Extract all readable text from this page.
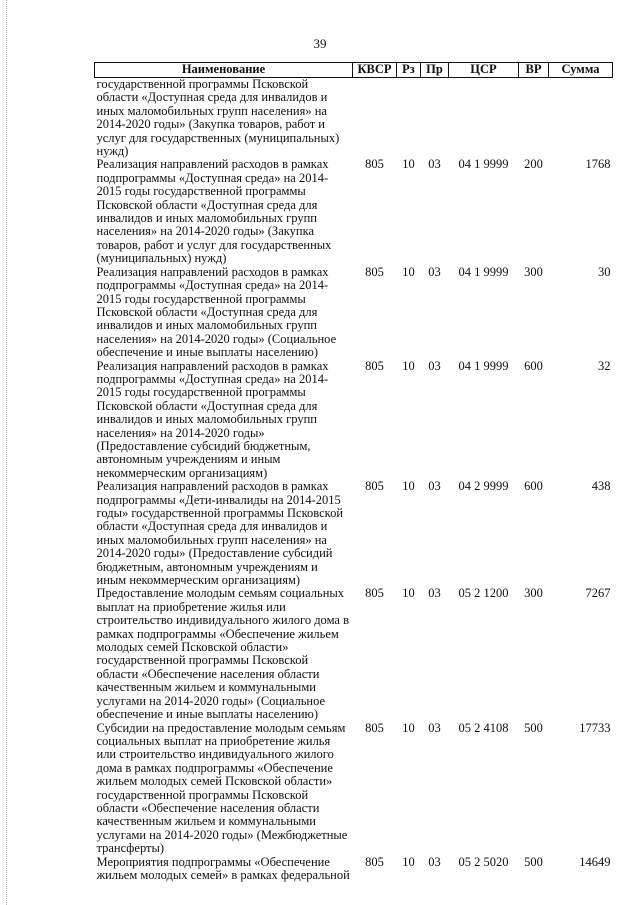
39
Наименование	КВСР	Рз	Пр	ЦСР	ВР	Сумма
государственной программы Псковской области «Доступная среда для инвалидов и иных маломобильных групп населения» на 2014-2020 годы» (Закупка товаров, работ и услуг для государственных (муниципальных) нужд)						
Реализация направлений расходов в рамках подпрограммы «Доступная среда» на 2014-2015 годы государственной программы Псковской области «Доступная среда для инвалидов и иных маломобильных групп населения» на 2014-2020 годы» (Закупка товаров, работ и услуг для государственных (муниципальных) нужд)	805	10	03	04 1 9999	200	1768
Реализация направлений расходов в рамках подпрограммы «Доступная среда» на 2014-2015 годы государственной программы Псковской области «Доступная среда для инвалидов и иных маломобильных групп населения» на 2014-2020 годы» (Социальное обеспечение и иные выплаты населению)	805	10	03	04 1 9999	300	30
Реализация направлений расходов в рамках подпрограммы «Доступная среда» на 2014-2015 годы государственной программы Псковской области «Доступная среда для инвалидов и иных маломобильных групп населения» на 2014-2020 годы» (Предоставление субсидий бюджетным, автономным учреждениям и иным некоммерческим организациям)	805	10	03	04 1 9999	600	32
Реализация направлений расходов в рамках подпрограммы «Дети-инвалиды на 2014-2015 годы» государственной программы Псковской области «Доступная среда для инвалидов и иных маломобильных групп населения» на 2014-2020 годы» (Предоставление субсидий бюджетным, автономным учреждениям и иным некоммерческим организациям)	805	10	03	04 2 9999	600	438
Предоставление молодым семьям социальных выплат на приобретение жилья или строительство индивидуального жилого дома в рамках подпрограммы «Обеспечение жильем молодых семей Псковской области» государственной программы Псковской области «Обеспечение населения области качественным жильем и коммунальными услугами на 2014-2020 годы» (Социальное обеспечение и иные выплаты населению)	805	10	03	05 2 1200	300	7267
Субсидии на предоставление молодым семьям социальных выплат на приобретение жилья или строительство индивидуального жилого дома в рамках подпрограммы «Обеспечение жильем молодых семей Псковской области» государственной программы Псковской области «Обеспечение населения области качественным жильем и коммунальными услугами на 2014-2020 годы» (Межбюджетные трансферты)	805	10	03	05 2 4108	500	17733
Мероприятия подпрограммы «Обеспечение жильем молодых семей» в рамках федеральной	805	10	03	05 2 5020	500	14649
